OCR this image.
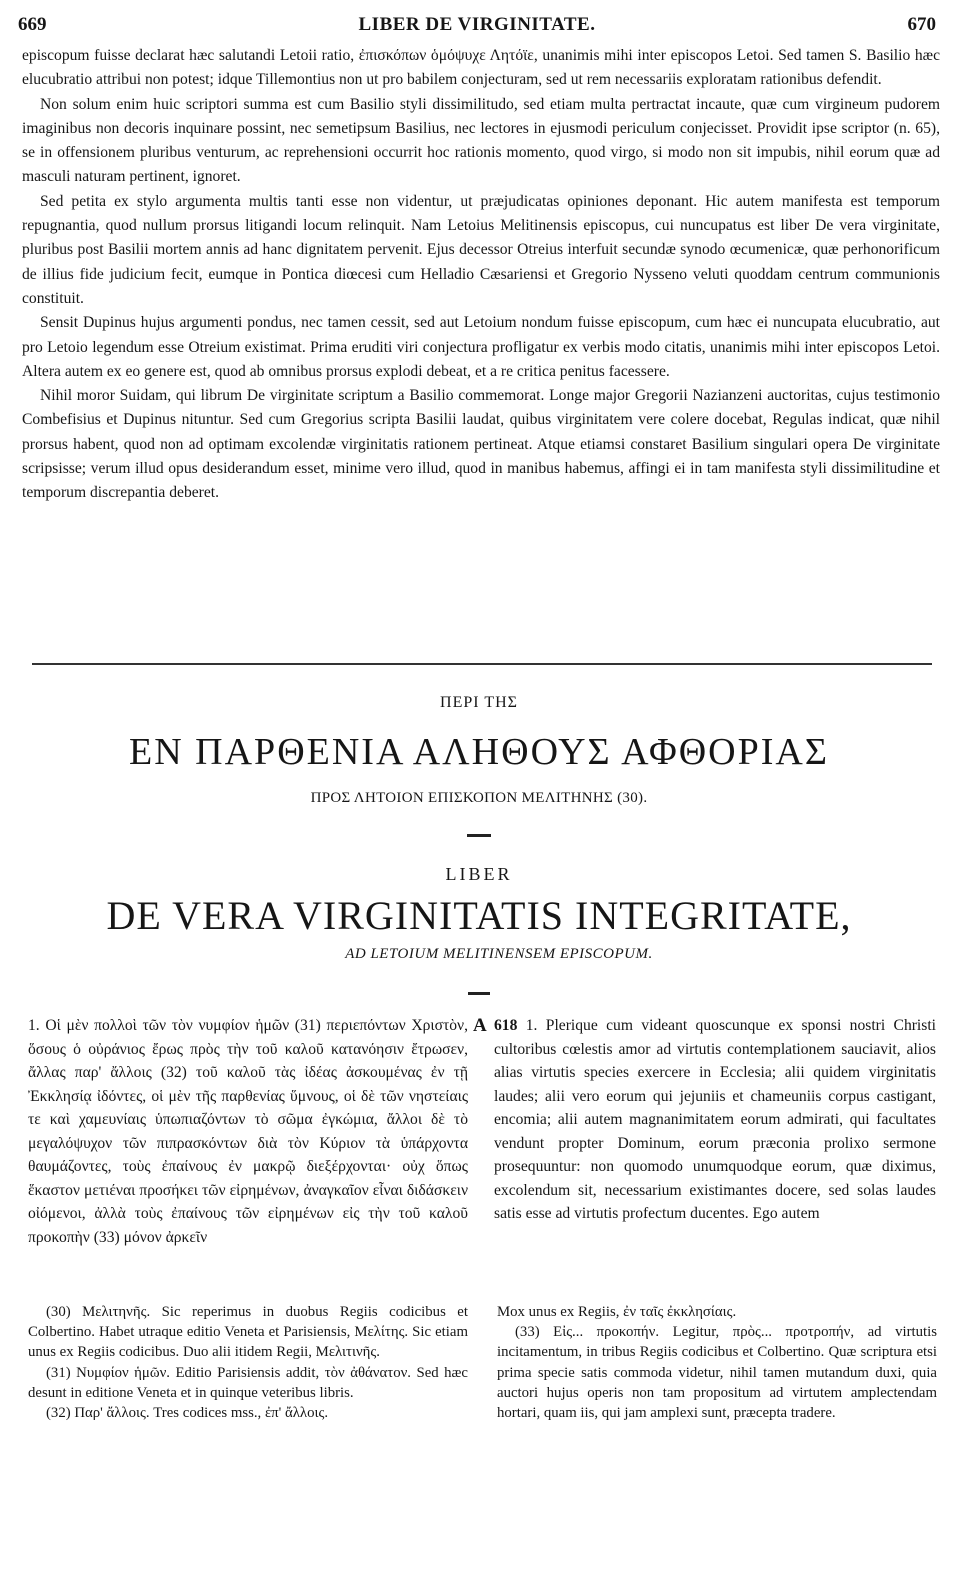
669	LIBER DE VIRGINITATE.	670

episcopum fuisse declarat hæc salutandi Letoii ratio, ἐπισκόπων ὁμόψυχε Λητόϊε, unanimis mihi inter episcopos Letoi. Sed tamen S. Basilio hæc elucubratio attribui non potest; idque Tillemontius non ut pro babilem conjecturam, sed ut rem necessariis exploratam rationibus defendit.

Non solum enim huic scriptori summa est cum Basilio styli dissimilitudo, sed etiam multa pertractat incaute, quæ cum virgineum pudorem imaginibus non decoris inquinare possint, nec semetipsum Basilius, nec lectores in ejusmodi periculum conjecisset. Providit ipse scriptor (n. 65), se in offensionem pluribus venturum, ac reprehensioni occurrit hoc rationis momento, quod virgo, si modo non sit impubis, nihil eorum quæ ad masculi naturam pertinent, ignoret.

Sed petita ex stylo argumenta multis tanti esse non videntur, ut præjudicatas opiniones deponant. Hic autem manifesta est temporum repugnantia, quod nullum prorsus litigandi locum relinquit. Nam Letoius Melitinensis episcopus, cui nuncupatus est liber De vera virginitate, pluribus post Basilii mortem annis ad hanc dignitatem pervenit. Ejus decessor Otreius interfuit secundæ synodo œcumenicæ, quæ perhonorificum de illius fide judicium fecit, eumque in Pontica diœcesi cum Helladio Cæsariensi et Gregorio Nysseno veluti quoddam centrum communionis constituit.

Sensit Dupinus hujus argumenti pondus, nec tamen cessit, sed aut Letoium nondum fuisse episcopum, cum hæc ei nuncupata elucubratio, aut pro Letoio legendum esse Otreium existimat. Prima eruditi viri conjectura profligatur ex verbis modo citatis, unanimis mihi inter episcopos Letoi. Altera autem ex eo genere est, quod ab omnibus prorsus explodi debeat, et a re critica penitus facessere.

Nihil moror Suidam, qui librum De virginitate scriptum a Basilio commemorat. Longe major Gregorii Nazianzeni auctoritas, cujus testimonio Combefisius et Dupinus nituntur. Sed cum Gregorius scripta Basilii laudat, quibus virginitatem vere colere docebat, Regulas indicat, quæ nihil prorsus habent, quod non ad optimam excolendæ virginitatis rationem pertineat. Atque etiamsi constaret Basilium singulari opera De virginitate scripsisse; verum illud opus desiderandum esset, minime vero illud, quod in manibus habemus, affingi ei in tam manifesta styli dissimilitudine et temporum discrepantia deberet.

ΠΕΡΙ ΤΗΣ
ΕΝ ΠΑΡΘΕΝΙΑ ΑΛΗΘΟΥΣ ΑΦΘΟΡΙΑΣ
ΠΡΟΣ ΛΗΤΟΙΟΝ ΕΠΙΣΚΟΠΟΝ ΜΕΛΙΤΗΝΗΣ (30).
LIBER
DE VERA VIRGINITATIS INTEGRITATE,
AD LETOIUM MELITINENSEM EPISCOPUM.

1. Οἱ μὲν πολλοὶ τῶν τὸν νυμφίον ἡμῶν (31) περιεπόντων Χριστὸν, ὅσους ὁ οὐράνιος ἔρως πρὸς τὴν τοῦ καλοῦ κατανόησιν ἔτρωσεν, ἄλλας παρ' ἄλλοις (32) τοῦ καλοῦ τὰς ἰδέας ἀσκουμένας ἐν τῇ Ἐκκλησίᾳ ἰδόντες, οἱ μὲν τῆς παρθενίας ὕμνους, οἱ δὲ τῶν νηστείαις τε καὶ χαμευνίαις ὑπωπιαζόντων τὸ σῶμα ἐγκώμια, ἄλλοι δὲ τὸ μεγαλόψυχον τῶν πιπρασκόντων διὰ τὸν Κύριον τὰ ὑπάρχοντα θαυμάζοντες, τοὺς ἐπαίνους ἐν μακρῷ διεξέρχονται· οὐχ ὅπως ἕκαστον μετιέναι προσήκει τῶν εἰρημένων, ἀναγκαῖον εἶναι διδάσκειν οἰόμενοι, ἀλλὰ τοὺς ἐπαίνους τῶν εἰρημένων εἰς τὴν τοῦ καλοῦ προκοπὴν (33) μόνον ἀρκεῖν

A 618 1. Plerique cum videant quoscunque ex sponsi nostri Christi cultoribus cœlestis amor ad virtutis contemplationem sauciavit, alios alias virtutis species exercere in Ecclesia; alii quidem virginitatis laudes; alii vero eorum qui jejuniis et chameuniis corpus castigant, encomia; alii autem magnanimitatem eorum admirati, qui facultates vendunt propter Dominum, eorum præconia prolixo sermone prosequuntur: non quomodo unumquodque eorum, quæ diximus, excolendum sit, necessarium existimantes docere, sed solas laudes satis esse ad virtutis profectum ducentes. Ego autem

(30) Μελιτηνῆς. Sic reperimus in duobus Regiis codicibus et Colbertino. Habet utraque editio Veneta et Parisiensis, Μελίτης. Sic etiam unus ex Regiis codicibus. Duo alii itidem Regii, Μελιτινῆς.

(31) Νυμφίον ἡμῶν. Editio Parisiensis addit, τὸν ἀθάνατον. Sed hæc desunt in editione Veneta et in quinque veteribus libris.

(32) Παρ' ἄλλοις. Tres codices mss., ἐπ' ἄλλοις.

Mox unus ex Regiis, ἐν ταῖς ἐκκλησίαις.

(33) Εἰς... προκοπήν. Legitur, πρὸς... προτροπήν, ad virtutis incitamentum, in tribus Regiis codicibus et Colbertino. Quæ scriptura etsi prima specie satis commoda videtur, nihil tamen mutandum duxi, quia auctori hujus operis non tam propositum ad virtutem amplectendam hortari, quam iis, qui jam amplexi sunt, præcepta tradere.
